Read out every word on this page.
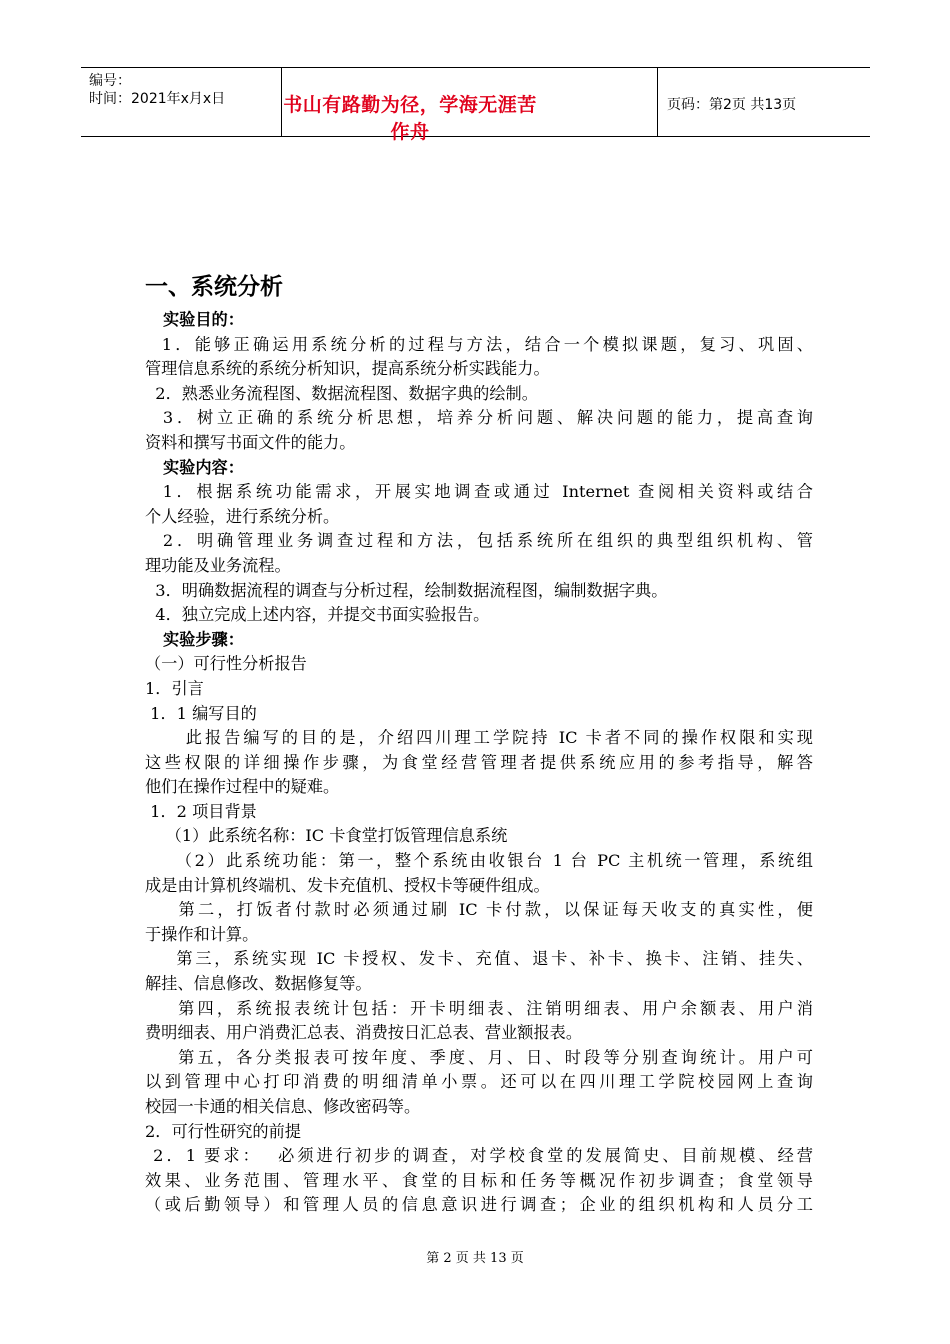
编号：
时间：2021年x月x日	书山有路勤为径，学海无涯苦作舟
页码：第2页 共13页
一、系统分析
实验目的：
1．能够正确运用系统分析的过程与方法，结合一个模拟课题，复习、巩固、
管理信息系统的系统分析知识，提高系统分析实践能力。
2．熟悉业务流程图、数据流程图、数据字典的绘制。
3．树立正确的系统分析思想，培养分析问题、解决问题的能力，提高查询
资料和撰写书面文件的能力。
实验内容：
1．根据系统功能需求，开展实地调查或通过 Internet 查阅相关资料或结合
个人经验，进行系统分析。
2．明确管理业务调查过程和方法，包括系统所在组织的典型组织机构、管
理功能及业务流程。
3．明确数据流程的调查与分析过程，绘制数据流程图，编制数据字典。
4．独立完成上述内容，并提交书面实验报告。
实验步骤：
（一）可行性分析报告
1．引言
1．1 编写目的
此报告编写的目的是，介绍四川理工学院持 IC 卡者不同的操作权限和实现
这些权限的详细操作步骤，为食堂经营管理者提供系统应用的参考指导，解答
他们在操作过程中的疑难。
1．2 项目背景
（1）此系统名称：IC 卡食堂打饭管理信息系统
（2）此系统功能：第一，整个系统由收银台 1 台 PC 主机统一管理，系统组
成是由计算机终端机、发卡充值机、授权卡等硬件组成。
第二，打饭者付款时必须通过刷 IC 卡付款，以保证每天收支的真实性，便
于操作和计算。
第三，系统实现 IC 卡授权、发卡、充值、退卡、补卡、换卡、注销、挂失、
解挂、信息修改、数据修复等。
第四，系统报表统计包括：开卡明细表、注销明细表、用户余额表、用户消
费明细表、用户消费汇总表、消费按日汇总表、营业额报表。
第五，各分类报表可按年度、季度、月、日、时段等分别查询统计。用户可
以到管理中心打印消费的明细清单小票。还可以在四川理工学院校园网上查询
校园一卡通的相关信息、修改密码等。
2．可行性研究的前提
2．1 要求：  必须进行初步的调查，对学校食堂的发展简史、目前规模、经营
效果、业务范围、管理水平、食堂的目标和任务等概况作初步调查；食堂领导
（或后勤领导）和管理人员的信息意识进行调查；企业的组织机构和人员分工
第 2 页 共 13 页
